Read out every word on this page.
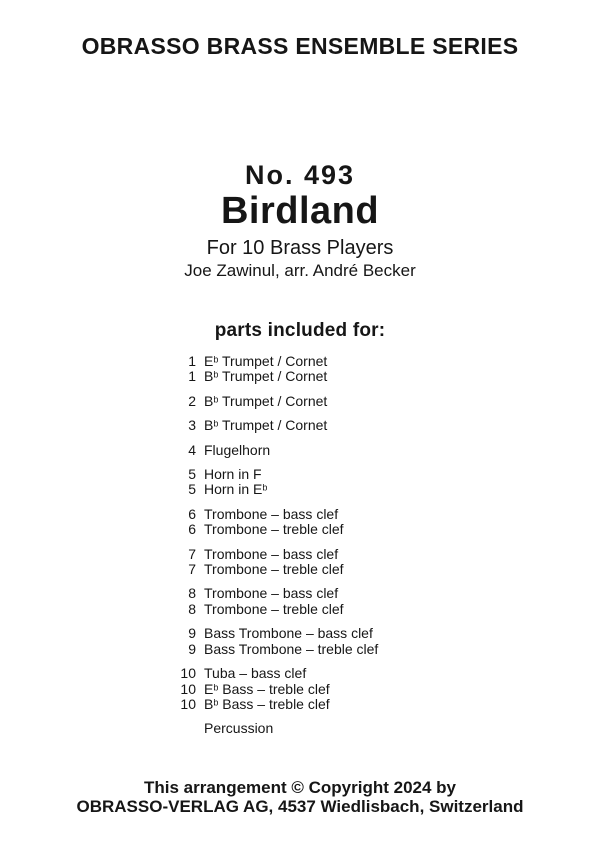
OBRASSO BRASS ENSEMBLE SERIES
No. 493
Birdland
For 10 Brass Players
Joe Zawinul, arr. André Becker
parts included for:
1 $E^b$ Trumpet / Cornet
1 $B^b$ Trumpet / Cornet
2 $B^b$ Trumpet / Cornet
3 $B^b$ Trumpet / Cornet
4 Flugelhorn
5 Horn in F
5 Horn in $E^b$
6 Trombone – bass clef
6 Trombone – treble clef
7 Trombone – bass clef
7 Trombone – treble clef
8 Trombone – bass clef
8 Trombone – treble clef
9 Bass Trombone – bass clef
9 Bass Trombone – treble clef
10 Tuba – bass clef
10 $E^b$ Bass – treble clef
10 $B^b$ Bass – treble clef
Percussion
This arrangement © Copyright 2024 by
OBRASSO-VERLAG AG, 4537 Wiedlisbach, Switzerland
